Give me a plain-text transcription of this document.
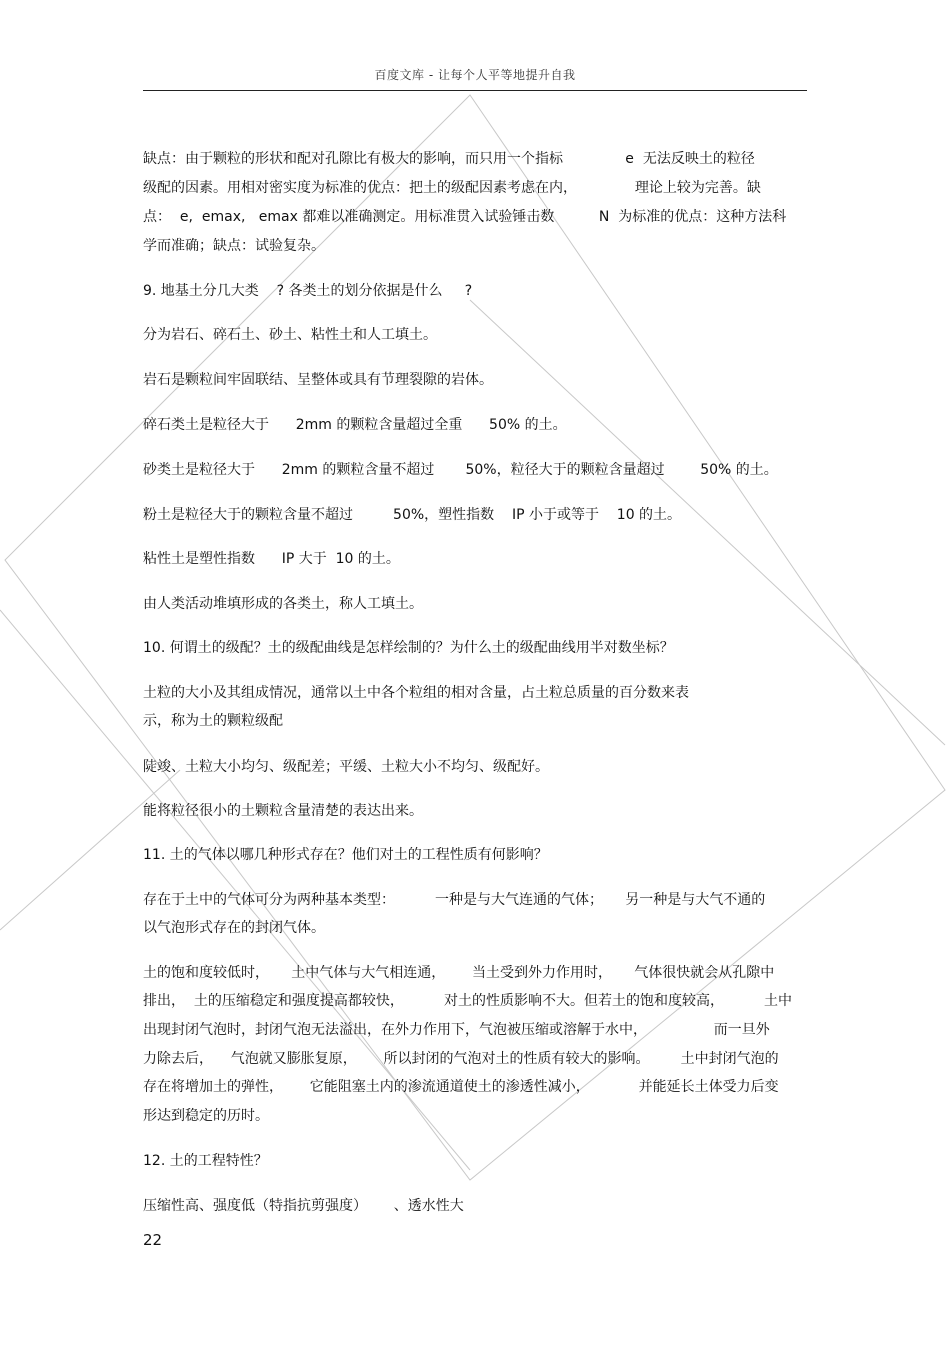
百度文库 - 让每个人平等地提升自我
缺点：由于颗粒的形状和配对孔隙比有极大的影响，而只用一个指标              e  无法反映土的粒径
级配的因素。用相对密实度为标准的优点：把土的级配因素考虑在内，             理论上较为完善。缺
点：  e,  emax,   emax 都难以准确测定。用标准贯入试验锤击数          N  为标准的优点：这种方法科
学而准确；缺点：试验复杂。
9. 地基土分几大类    ? 各类土的划分依据是什么     ?
分为岩石、碎石土、砂土、粘性土和人工填土。
岩石是颗粒间牢固联结、呈整体或具有节理裂隙的岩体。
碎石类土是粒径大于      2mm 的颗粒含量超过全重      50% 的土。
砂类土是粒径大于      2mm 的颗粒含量不超过       50%，粒径大于的颗粒含量超过        50% 的土。
粉土是粒径大于的颗粒含量不超过         50%，塑性指数    IP 小于或等于    10 的土。
粘性土是塑性指数      IP 大于  10 的土。
由人类活动堆填形成的各类土，称人工填土。
10. 何谓土的级配？土的级配曲线是怎样绘制的？为什么土的级配曲线用半对数坐标？
土粒的大小及其组成情况，通常以土中各个粒组的相对含量，占土粒总质量的百分数来表
示，称为土的颗粒级配
陡竣、土粒大小均匀、级配差；平缓、土粒大小不均匀、级配好。
能将粒径很小的土颗粒含量清楚的表达出来。
11. 土的气体以哪几种形式存在？他们对土的工程性质有何影响？
存在于土中的气体可分为两种基本类型：         一种是与大气连通的气体；     另一种是与大气不通的
以气泡形式存在的封闭气体。
土的饱和度较低时，     土中气体与大气相连通，      当土受到外力作用时，     气体很快就会从孔隙中
排出，  土的压缩稳定和强度提高都较快，         对土的性质影响不大。但若土的饱和度较高，         土中
出现封闭气泡时，封闭气泡无法溢出，在外力作用下，气泡被压缩或溶解于水中，               而一旦外
力除去后，    气泡就又膨胀复原，      所以封闭的气泡对土的性质有较大的影响。       土中封闭气泡的
存在将增加土的弹性，      它能阻塞土内的渗流通道使土的渗透性减小，           并能延长土体受力后变
形达到稳定的历时。
12. 土的工程特性？
压缩性高、强度低（特指抗剪强度）      、透水性大
22
